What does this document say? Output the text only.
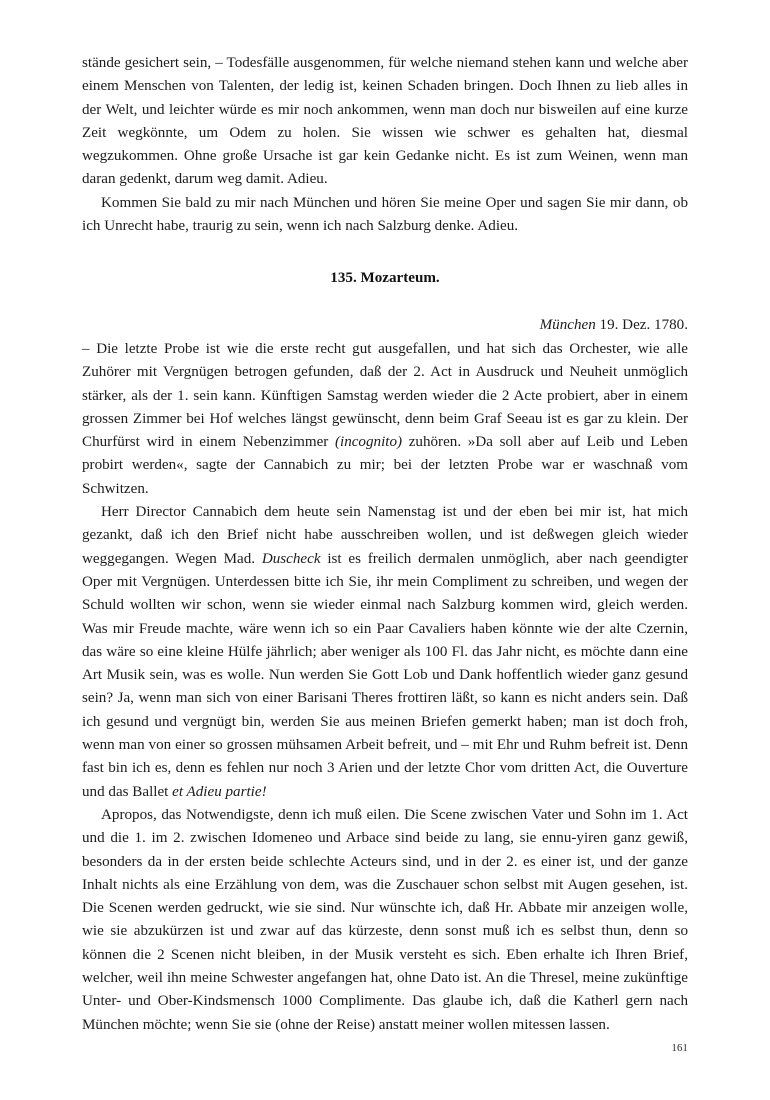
stände gesichert sein, – Todesfälle ausgenommen, für welche niemand stehen kann und welche aber einem Menschen von Talenten, der ledig ist, keinen Schaden bringen. Doch Ihnen zu lieb alles in der Welt, und leichter würde es mir noch ankommen, wenn man doch nur bisweilen auf eine kurze Zeit wegkönnte, um Odem zu holen. Sie wissen wie schwer es gehalten hat, diesmal wegzukommen. Ohne große Ursache ist gar kein Gedanke nicht. Es ist zum Weinen, wenn man daran gedenkt, darum weg damit. Adieu.

Kommen Sie bald zu mir nach München und hören Sie meine Oper und sagen Sie mir dann, ob ich Unrecht habe, traurig zu sein, wenn ich nach Salzburg denke. Adieu.

135. Mozarteum.

München 19. Dez. 1780.

– Die letzte Probe ist wie die erste recht gut ausgefallen, und hat sich das Orchester, wie alle Zuhörer mit Vergnügen betrogen gefunden, daß der 2. Act in Ausdruck und Neuheit unmöglich stärker, als der 1. sein kann. Künftigen Samstag werden wieder die 2 Acte probiert, aber in einem grossen Zimmer bei Hof welches längst gewünscht, denn beim Graf Seeau ist es gar zu klein. Der Churfürst wird in einem Nebenzimmer (incognito) zuhören. »Da soll aber auf Leib und Leben probirt werden«, sagte der Cannabich zu mir; bei der letzten Probe war er waschnaß vom Schwitzen.

Herr Director Cannabich dem heute sein Namenstag ist und der eben bei mir ist, hat mich gezankt, daß ich den Brief nicht habe ausschreiben wollen, und ist deßwegen gleich wieder weggegangen. Wegen Mad. Duscheck ist es freilich dermalen unmöglich, aber nach geendigter Oper mit Vergnügen. Unterdessen bitte ich Sie, ihr mein Compliment zu schreiben, und wegen der Schuld wollten wir schon, wenn sie wieder einmal nach Salzburg kommen wird, gleich werden. Was mir Freude machte, wäre wenn ich so ein Paar Cavaliers haben könnte wie der alte Czernin, das wäre so eine kleine Hülfe jährlich; aber weniger als 100 Fl. das Jahr nicht, es möchte dann eine Art Musik sein, was es wolle. Nun werden Sie Gott Lob und Dank hoffentlich wieder ganz gesund sein? Ja, wenn man sich von einer Barisani Theres frottiren läßt, so kann es nicht anders sein. Daß ich gesund und vergnügt bin, werden Sie aus meinen Briefen gemerkt haben; man ist doch froh, wenn man von einer so grossen mühsamen Arbeit befreit, und – mit Ehr und Ruhm befreit ist. Denn fast bin ich es, denn es fehlen nur noch 3 Arien und der letzte Chor vom dritten Act, die Ouverture und das Ballet et Adieu partie!

Apropos, das Notwendigste, denn ich muß eilen. Die Scene zwischen Vater und Sohn im 1. Act und die 1. im 2. zwischen Idomeneo und Arbace sind beide zu lang, sie ennu-yiren ganz gewiß, besonders da in der ersten beide schlechte Acteurs sind, und in der 2. es einer ist, und der ganze Inhalt nichts als eine Erzählung von dem, was die Zuschauer schon selbst mit Augen gesehen, ist. Die Scenen werden gedruckt, wie sie sind. Nur wünschte ich, daß Hr. Abbate mir anzeigen wolle, wie sie abzukürzen ist und zwar auf das kürzeste, denn sonst muß ich es selbst thun, denn so können die 2 Scenen nicht bleiben, in der Musik versteht es sich. Eben erhalte ich Ihren Brief, welcher, weil ihn meine Schwester angefangen hat, ohne Dato ist. An die Thresel, meine zukünftige Unter- und Ober-Kindsmensch 1000 Complimente. Das glaube ich, daß die Katherl gern nach München möchte; wenn Sie sie (ohne der Reise) anstatt meiner wollen mitessen lassen.

161
